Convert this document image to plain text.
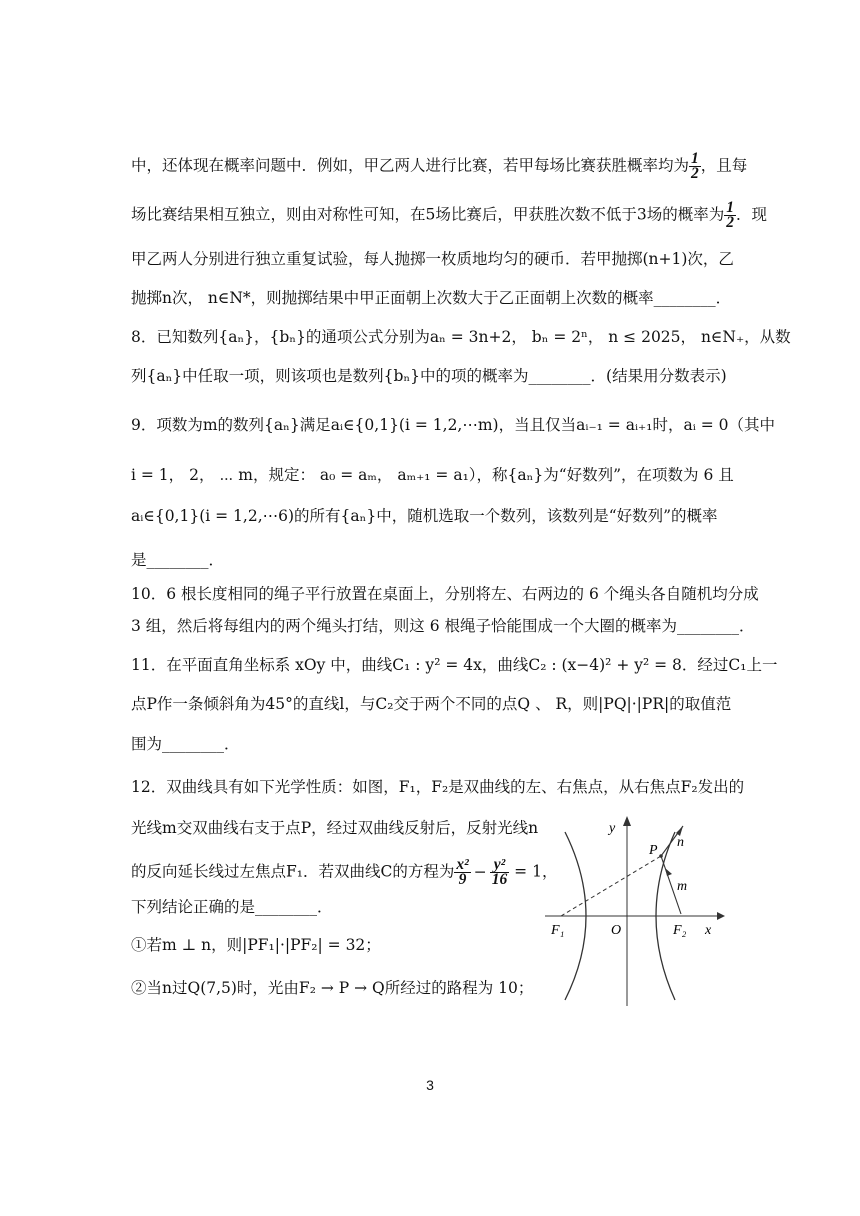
中，还体现在概率问题中．例如，甲乙两人进行比赛，若甲每场比赛获胜概率均为 $\frac{1}{2}$ ，且每
场比赛结果相互独立，则由对称性可知，在5场比赛后，甲获胜次数不低于3场的概率为 $\frac{1}{2}$ ．现
甲乙两人分别进行独立重复试验，每人抛掷一枚质地均匀的硬币．若甲抛掷(n+1)次，乙
抛掷n次， n∈N*，则抛掷结果中甲正面朝上次数大于乙正面朝上次数的概率________．
8．已知数列{aₙ}，{bₙ}的通项公式分别为aₙ = 3n+2， bₙ = 2ⁿ， n ≤ 2025， n∈N₊，从数
列{aₙ}中任取一项，则该项也是数列{bₙ}中的项的概率为________．(结果用分数表示)
9．项数为m的数列{aₙ}满足aᵢ∈{0,1}(i = 1,2,⋯m)，当且仅当aᵢ₋₁ = aᵢ₊₁时，aᵢ = 0（其中
i = 1， 2， ⋯ m，规定： a₀ = aₘ， aₘ₊₁ = a₁），称{aₙ}为“好数列”，在项数为 6 且
aᵢ∈{0,1}(i = 1,2,⋯6)的所有{aₙ}中，随机选取一个数列，该数列是“好数列”的概率
是________．
10．6 根长度相同的绳子平行放置在桌面上，分别将左、右两边的 6 个绳头各自随机均分成
3 组，然后将每组内的两个绳头打结，则这 6 根绳子恰能围成一个大圈的概率为________．
11．在平面直角坐标系 xOy 中，曲线C₁ : y² = 4x，曲线C₂ : (x−4)² + y² = 8．经过C₁上一
点P作一条倾斜角为45°的直线l，与C₂交于两个不同的点Q 、 R，则|PQ|·|PR|的取值范
围为________．
12．双曲线具有如下光学性质：如图，F₁，F₂是双曲线的左、右焦点，从右焦点F₂发出的
光线m交双曲线右支于点P，经过双曲线反射后，反射光线n
的反向延长线过左焦点F₁．若双曲线C的方程为 $\frac{\text{x²}}{9} - \frac{\text{y²}}{16} = 1$，
下列结论正确的是________．
①若m ⊥ n，则|PF₁|·|PF₂| = 32；
②当n过Q(7,5)时，光由F₂ → P → Q所经过的路程为 10；
y
x
O
F₁	F₂
P
n
m
3
